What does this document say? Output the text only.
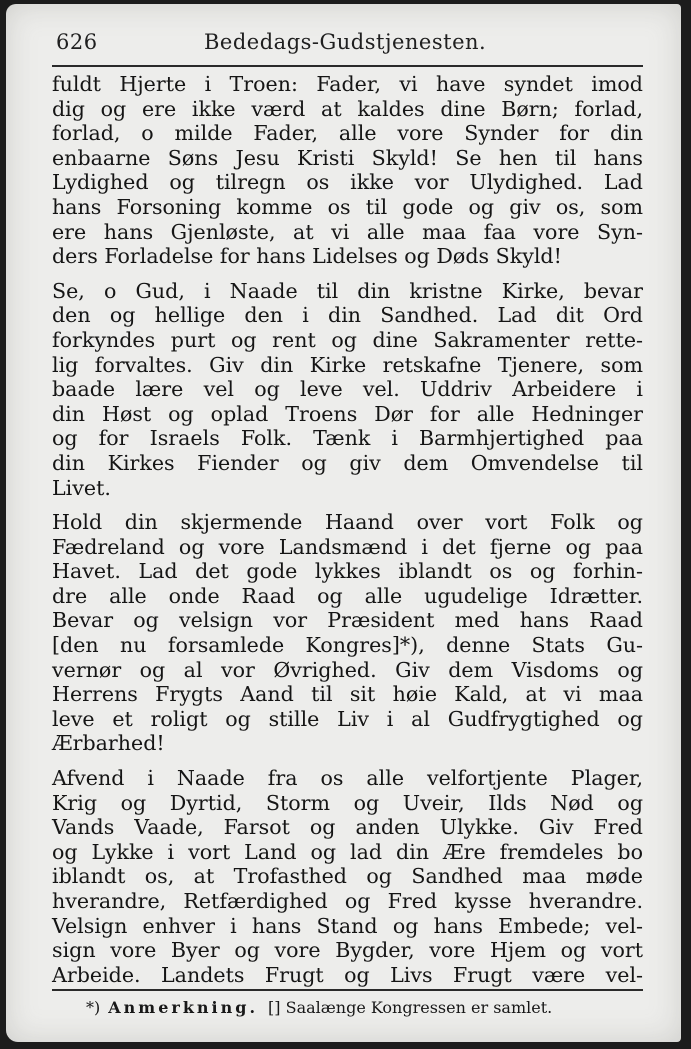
626	Bededags-Gudstjenesten.
fuldt Hjerte i Troen: Fader, vi have syndet imod
dig og ere ikke værd at kaldes dine Børn; forlad,
forlad, o milde Fader, alle vore Synder for din
enbaarne Søns Jesu Kristi Skyld! Se hen til hans
Lydighed og tilregn os ikke vor Ulydighed. Lad
hans Forsoning komme os til gode og giv os, som
ere hans Gjenløste, at vi alle maa faa vore Syn-
ders Forladelse for hans Lidelses og Døds Skyld!
Se, o Gud, i Naade til din kristne Kirke, bevar
den og hellige den i din Sandhed. Lad dit Ord
forkyndes purt og rent og dine Sakramenter rette-
lig forvaltes. Giv din Kirke retskafne Tjenere, som
baade lære vel og leve vel. Uddriv Arbeidere i
din Høst og oplad Troens Dør for alle Hedninger
og for Israels Folk. Tænk i Barmhjertighed paa
din Kirkes Fiender og giv dem Omvendelse til
Livet.
Hold din skjermende Haand over vort Folk og
Fædreland og vore Landsmænd i det fjerne og paa
Havet. Lad det gode lykkes iblandt os og forhin-
dre alle onde Raad og alle ugudelige Idrætter.
Bevar og velsign vor Præsident med hans Raad
[den nu forsamlede Kongres]*), denne Stats Gu-
vernør og al vor Øvrighed. Giv dem Visdoms og
Herrens Frygts Aand til sit høie Kald, at vi maa
leve et roligt og stille Liv i al Gudfrygtighed og
Ærbarhed!
Afvend i Naade fra os alle velfortjente Plager,
Krig og Dyrtid, Storm og Uveir, Ilds Nød og
Vands Vaade, Farsot og anden Ulykke. Giv Fred
og Lykke i vort Land og lad din Ære fremdeles bo
iblandt os, at Trofasthed og Sandhed maa møde
hverandre, Retfærdighed og Fred kysse hverandre.
Velsign enhver i hans Stand og hans Embede; vel-
sign vore Byer og vore Bygder, vore Hjem og vort
Arbeide. Landets Frugt og Livs Frugt være vel-
*) Anmerkning. [] Saalænge Kongressen er samlet.
